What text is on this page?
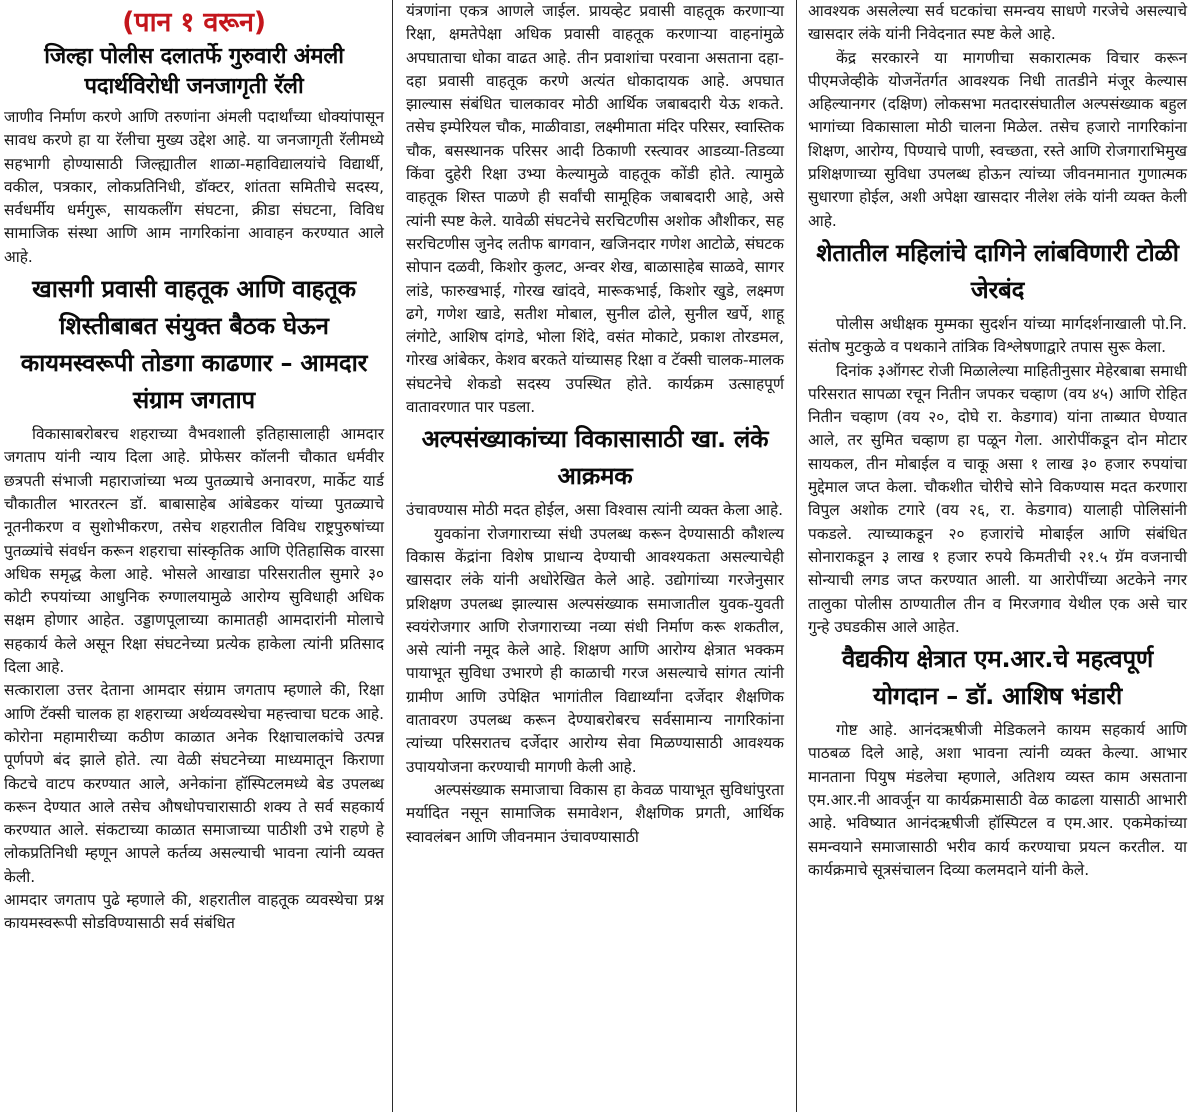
(पान १ वरून)
जिल्हा पोलीस दलातर्फे गुरुवारी अंमली पदार्थविरोधी जनजागृती रॅली

जाणीव निर्माण करणे आणि तरुणांना अंमली पदार्थांच्या धोक्यांपासून सावध करणे हा या रॅलीचा मुख्य उद्देश आहे. या जनजागृती रॅलीमध्ये सहभागी होण्यासाठी जिल्ह्यातील शाळा-महाविद्यालयांचे विद्यार्थी, वकील, पत्रकार, लोकप्रतिनिधी, डॉक्टर, शांतता समितीचे सदस्य, सर्वधर्मीय धर्मगुरू, सायकलींग संघटना, क्रीडा संघटना, विविध सामाजिक संस्था आणि आम नागरिकांना आवाहन करण्यात आले आहे.

खासगी प्रवासी वाहतूक आणि वाहतूक शिस्तीबाबत संयुक्त बैठक घेऊन कायमस्वरूपी तोडगा काढणार – आमदार संग्राम जगताप

विकासाबरोबरच शहराच्या वैभवशाली इतिहासालाही आमदार जगताप यांनी न्याय दिला आहे. प्रोफेसर कॉलनी चौकात धर्मवीर छत्रपती संभाजी महाराजांच्या भव्य पुतळ्याचे अनावरण, मार्केट यार्ड चौकातील भारतरत्न डॉ. बाबासाहेब आंबेडकर यांच्या पुतळ्याचे नूतनीकरण व सुशोभीकरण, तसेच शहरातील विविध राष्ट्रपुरुषांच्या पुतळ्यांचे संवर्धन करून शहराचा सांस्कृतिक आणि ऐतिहासिक वारसा अधिक समृद्ध केला आहे. भोसले आखाडा परिसरातील सुमारे ३० कोटी रुपयांच्या आधुनिक रुग्णालयामुळे आरोग्य सुविधाही अधिक सक्षम होणार आहेत. उड्डाणपूलाच्या कामातही आमदारांनी मोलाचे सहकार्य केले असून रिक्षा संघटनेच्या प्रत्येक हाकेला त्यांनी प्रतिसाद दिला आहे.

सत्काराला उत्तर देताना आमदार संग्राम जगताप म्हणाले की, रिक्षा आणि टॅक्सी चालक हा शहराच्या अर्थव्यवस्थेचा महत्त्वाचा घटक आहे. कोरोना महामारीच्या कठीण काळात अनेक रिक्षाचालकांचे उत्पन्न पूर्णपणे बंद झाले होते. त्या वेळी संघटनेच्या माध्यमातून किराणा किटचे वाटप करण्यात आले, अनेकांना हॉस्पिटलमध्ये बेड उपलब्ध करून देण्यात आले तसेच औषधोपचारासाठी शक्य ते सर्व सहकार्य करण्यात आले. संकटाच्या काळात समाजाच्या पाठीशी उभे राहणे हे लोकप्रतिनिधी म्हणून आपले कर्तव्य असल्याची भावना त्यांनी व्यक्त केली.

आमदार जगताप पुढे म्हणाले की, शहरातील वाहतूक व्यवस्थेचा प्रश्न कायमस्वरूपी सोडविण्यासाठी सर्व संबंधित

यंत्रणांना एकत्र आणले जाईल. प्रायव्हेट प्रवासी वाहतूक करणाऱ्या रिक्षा, क्षमतेपेक्षा अधिक प्रवासी वाहतूक करणाऱ्या वाहनांमुळे अपघाताचा धोका वाढत आहे. तीन प्रवाशांचा परवाना असताना दहा-दहा प्रवासी वाहतूक करणे अत्यंत धोकादायक आहे. अपघात झाल्यास संबंधित चालकावर मोठी आर्थिक जबाबदारी येऊ शकते. तसेच इम्पेरियल चौक, माळीवाडा, लक्ष्मीमाता मंदिर परिसर, स्वास्तिक चौक, बसस्थानक परिसर आदी ठिकाणी रस्त्यावर आडव्या-तिडव्या किंवा दुहेरी रिक्षा उभ्या केल्यामुळे वाहतूक कोंडी होते. त्यामुळे वाहतूक शिस्त पाळणे ही सर्वांची सामूहिक जबाबदारी आहे, असे त्यांनी स्पष्ट केले. यावेळी संघटनेचे सरचिटणीस अशोक औशीकर, सह सरचिटणीस जुनेद लतीफ बागवान, खजिनदार गणेश आटोळे, संघटक सोपान दळवी, किशोर कुलट, अन्वर शेख, बाळासाहेब साळवे, सागर लांडे, फारुखभाई, गोरख खांदवे, मारूकभाई, किशोर खुडे, लक्ष्मण ढगे, गणेश खाडे, सतीश मोबाल, सुनील ढोले, सुनील खर्पे, शाहू लंगोटे, आशिष दांगडे, भोला शिंदे, वसंत मोकाटे, प्रकाश तोरडमल, गोरख आंबेकर, केशव बरकते यांच्यासह रिक्षा व टॅक्सी चालक-मालक संघटनेचे शेकडो सदस्य उपस्थित होते. कार्यक्रम उत्साहपूर्ण वातावरणात पार पडला.

अल्पसंख्याकांच्या विकासासाठी खा. लंके आक्रमक

उंचावण्यास मोठी मदत होईल, असा विश्वास त्यांनी व्यक्त केला आहे.

युवकांना रोजगाराच्या संधी उपलब्ध करून देण्यासाठी कौशल्य विकास केंद्रांना विशेष प्राधान्य देण्याची आवश्यकता असल्याचेही खासदार लंके यांनी अधोरेखित केले आहे. उद्योगांच्या गरजेनुसार प्रशिक्षण उपलब्ध झाल्यास अल्पसंख्याक समाजातील युवक-युवती स्वयंरोजगार आणि रोजगाराच्या नव्या संधी निर्माण करू शकतील, असे त्यांनी नमूद केले आहे. शिक्षण आणि आरोग्य क्षेत्रात भक्कम पायाभूत सुविधा उभारणे ही काळाची गरज असल्याचे सांगत त्यांनी ग्रामीण आणि उपेक्षित भागांतील विद्यार्थ्यांना दर्जेदार शैक्षणिक वातावरण उपलब्ध करून देण्याबरोबरच सर्वसामान्य नागरिकांना त्यांच्या परिसरातच दर्जेदार आरोग्य सेवा मिळण्यासाठी आवश्यक उपाययोजना करण्याची मागणी केली आहे.

अल्पसंख्याक समाजाचा विकास हा केवळ पायाभूत सुविधांपुरता मर्यादित नसून सामाजिक समावेशन, शैक्षणिक प्रगती, आर्थिक स्वावलंबन आणि जीवनमान उंचावण्यासाठी

आवश्यक असलेल्या सर्व घटकांचा समन्वय साधणे गरजेचे असल्याचे खासदार लंके यांनी निवेदनात स्पष्ट केले आहे.

केंद्र सरकारने या मागणीचा सकारात्मक विचार करून पीएमजेव्हीके योजनेंतर्गत आवश्यक निधी तातडीने मंजूर केल्यास अहिल्यानगर (दक्षिण) लोकसभा मतदारसंघातील अल्पसंख्याक बहुल भागांच्या विकासाला मोठी चालना मिळेल. तसेच हजारो नागरिकांना शिक्षण, आरोग्य, पिण्याचे पाणी, स्वच्छता, रस्ते आणि रोजगाराभिमुख प्रशिक्षणाच्या सुविधा उपलब्ध होऊन त्यांच्या जीवनमानात गुणात्मक सुधारणा होईल, अशी अपेक्षा खासदार नीलेश लंके यांनी व्यक्त केली आहे.

शेतातील महिलांचे दागिने लांबविणारी टोळी जेरबंद

पोलीस अधीक्षक मुम्मका सुदर्शन यांच्या मार्गदर्शनाखाली पो.नि. संतोष मुटकुळे व पथकाने तांत्रिक विश्लेषणाद्वारे तपास सुरू केला.

दिनांक ३ऑगस्ट रोजी मिळालेल्या माहितीनुसार मेहेरबाबा समाधी परिसरात सापळा रचून नितीन जपकर चव्हाण (वय ४५) आणि रोहित नितीन चव्हाण (वय २०, दोघे रा. केडगाव) यांना ताब्यात घेण्यात आले, तर सुमित चव्हाण हा पळून गेला. आरोपींकडून दोन मोटार सायकल, तीन मोबाईल व चाकू असा १ लाख ३० हजार रुपयांचा मुद्देमाल जप्त केला. चौकशीत चोरीचे सोने विकण्यास मदत करणारा विपुल अशोक टगारे (वय २६, रा. केडगाव) यालाही पोलिसांनी पकडले. त्याच्याकडून २० हजारांचे मोबाईल आणि संबंधित सोनाराकडून ३ लाख १ हजार रुपये किमतीची २१.५ ग्रॅम वजनाची सोन्याची लगड जप्त करण्यात आली. या आरोपींच्या अटकेने नगर तालुका पोलीस ठाण्यातील तीन व मिरजगाव येथील एक असे चार गुन्हे उघडकीस आले आहेत.

वैद्यकीय क्षेत्रात एम.आर.चे महत्वपूर्ण योगदान – डॉ. आशिष भंडारी

गोष्ट आहे. आनंदऋषीजी मेडिकलने कायम सहकार्य आणि पाठबळ दिले आहे, अशा भावना त्यांनी व्यक्त केल्या. आभार मानताना पियुष मंडलेचा म्हणाले, अतिशय व्यस्त काम असताना एम.आर.नी आवर्जून या कार्यक्रमासाठी वेळ काढला यासाठी आभारी आहे. भविष्यात आनंदऋषीजी हॉस्पिटल व एम.आर. एकमेकांच्या समन्वयाने समाजासाठी भरीव कार्य करण्याचा प्रयत्न करतील. या कार्यक्रमाचे सूत्रसंचालन दिव्या कलमदाने यांनी केले.
